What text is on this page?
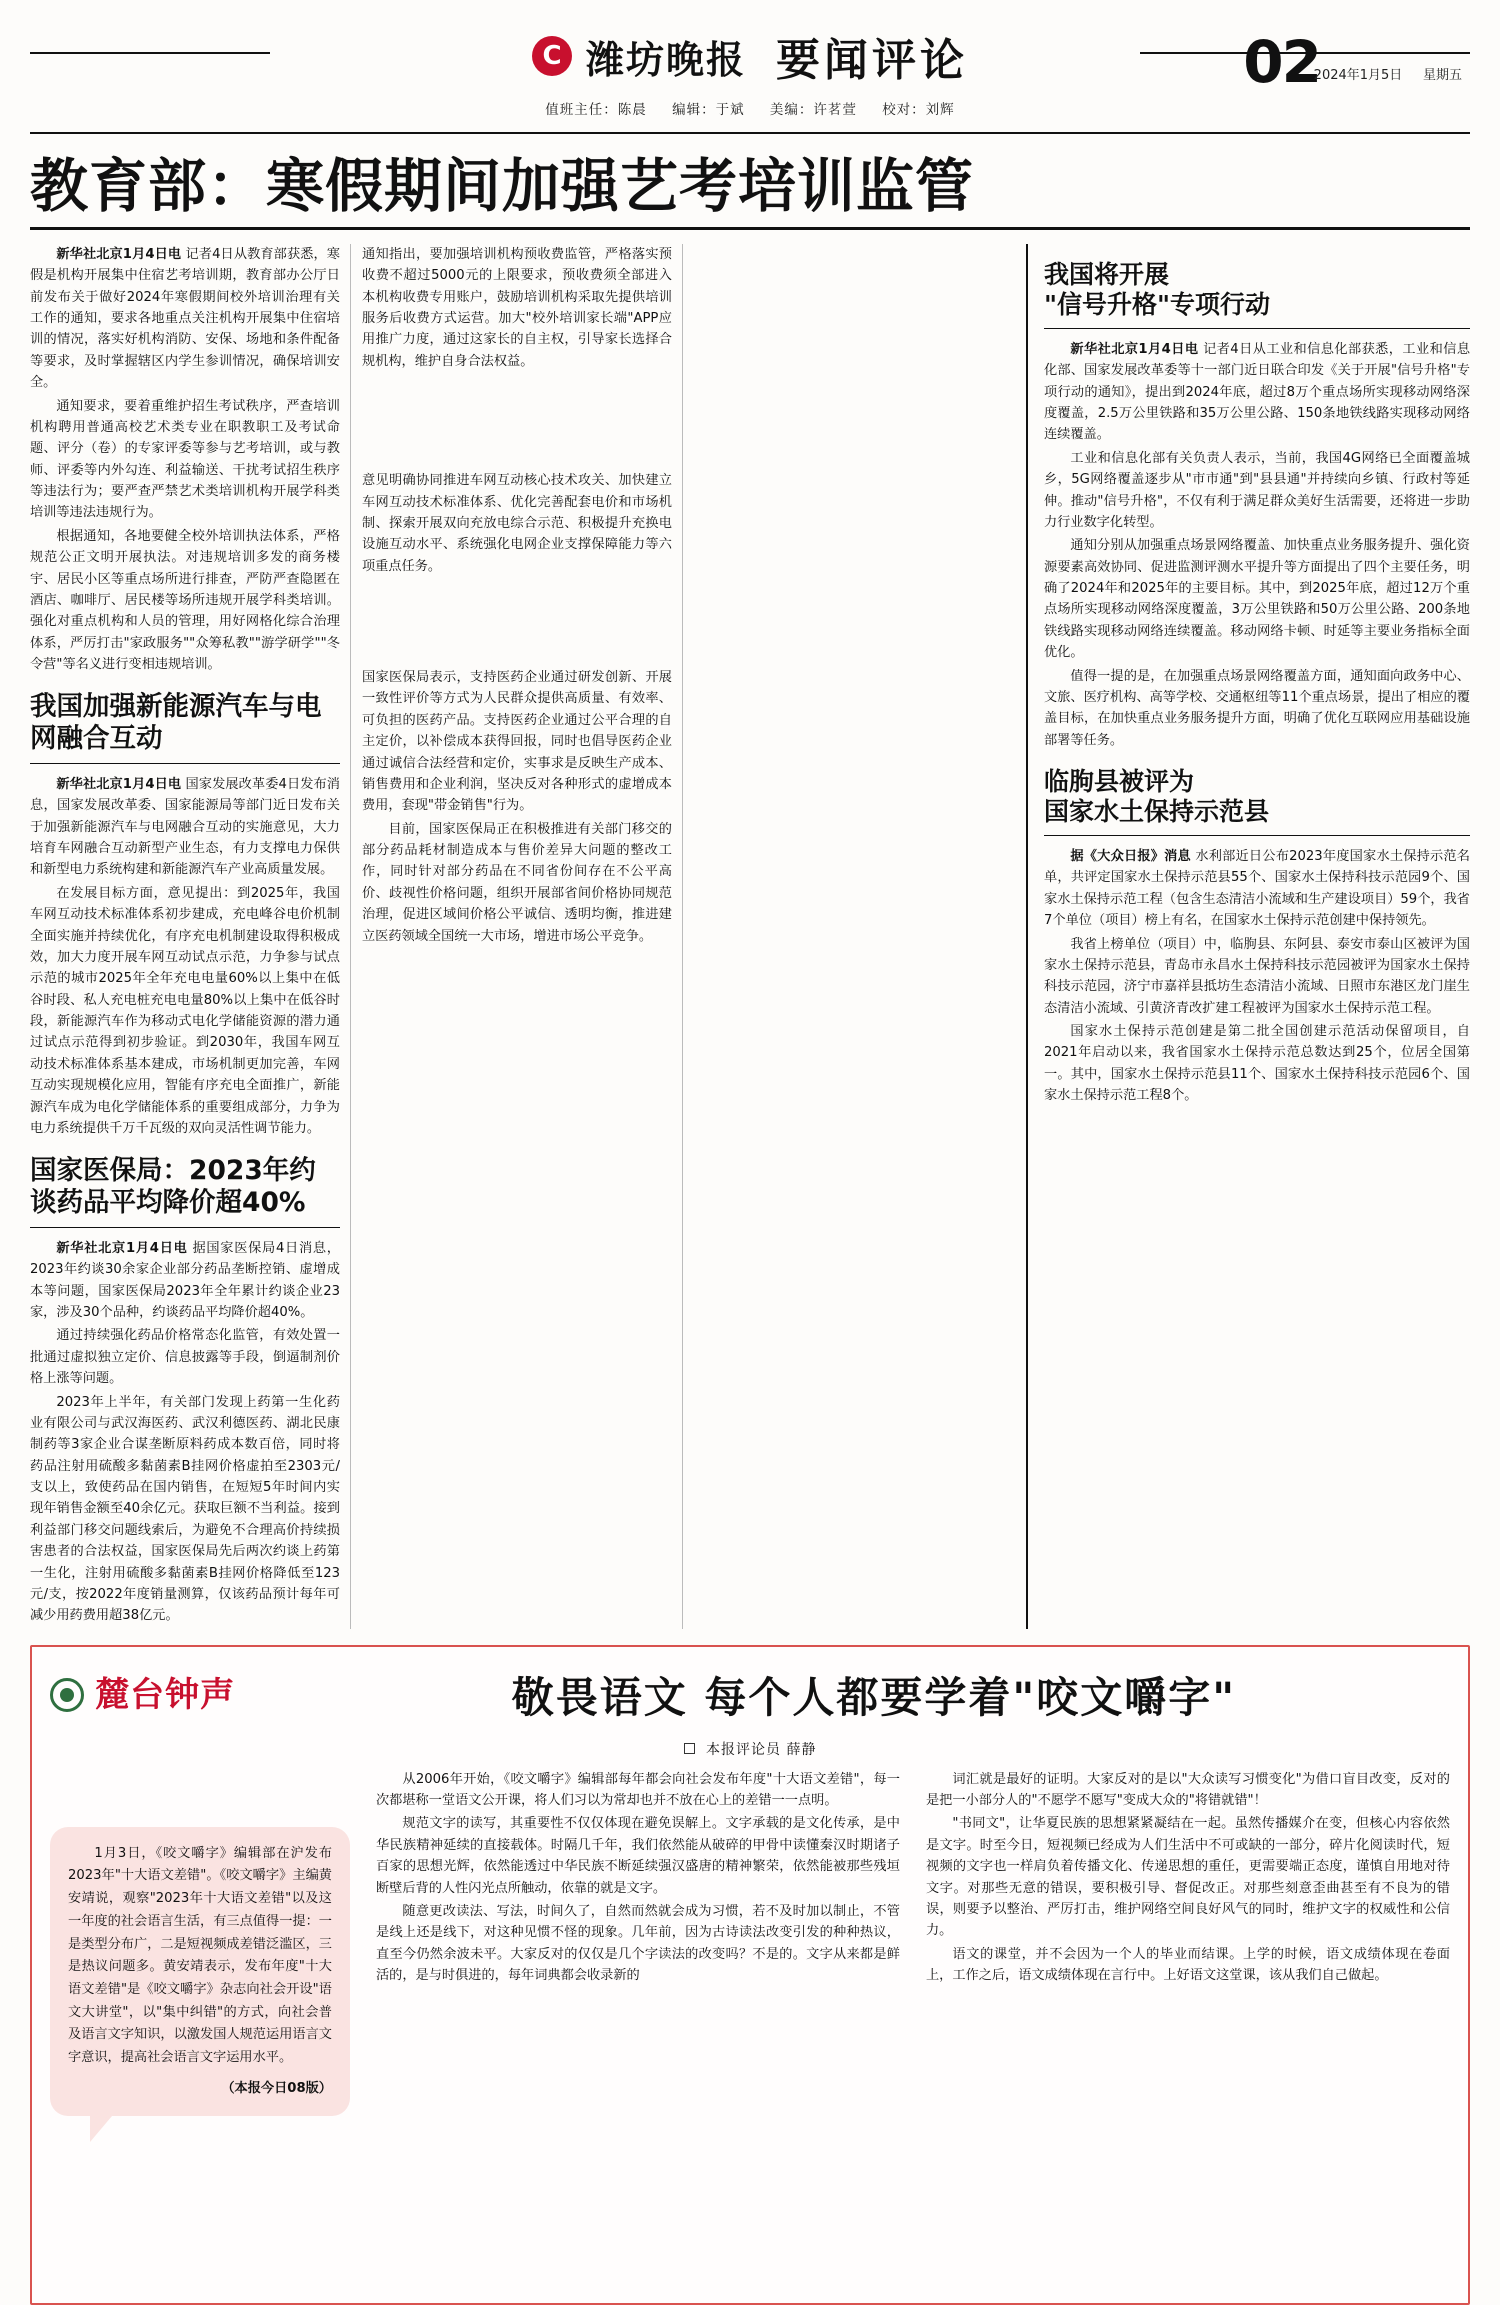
C 潍坊晚报 要闻评论
值班主任：陈晨 编辑：于斌 美编：许茗萱 校对：刘辉
02
2024年1月5日 星期五
教育部：寒假期间加强艺考培训监管

新华社北京1月4日电 记者4日从教育部获悉，寒假是机构开展集中住宿艺考培训期，教育部办公厅日前发布关于做好2024年寒假期间校外培训治理有关工作的通知，要求各地重点关注机构开展集中住宿培训的情况，落实好机构消防、安保、场地和条件配备等要求，及时掌握辖区内学生参训情况，确保培训安全。

通知要求，要着重维护招生考试秩序，严查培训机构聘用普通高校艺术类专业在职教职工及考试命题、评分（卷）的专家评委等参与艺考培训，或与教师、评委等内外勾连、利益输送、干扰考试招生秩序等违法行为；要严查严禁艺术类培训机构开展学科类培训等违法违规行为。

根据通知，各地要健全校外培训执法体系，严格规范公正文明开展执法。对违规培训多发的商务楼宇、居民小区等重点场所进行排查，严防严查隐匿在酒店、咖啡厅、居民楼等场所违规开展学科类培训。强化对重点机构和人员的管理，用好网格化综合治理体系，严厉打击"家政服务""众筹私教""游学研学""冬令营"等名义进行变相违规培训。

我国加强新能源汽车与电网融合互动

新华社北京1月4日电 国家发展改革委4日发布消息，国家发展改革委、国家能源局等部门近日发布关于加强新能源汽车与电网融合互动的实施意见，大力培育车网融合互动新型产业生态，有力支撑电力保供和新型电力系统构建和新能源汽车产业高质量发展。

在发展目标方面，意见提出：到2025年，我国车网互动技术标准体系初步建成，充电峰谷电价机制全面实施并持续优化，有序充电机制建设取得积极成效，加大力度开展车网互动试点示范，力争参与试点示范的城市2025年全年充电电量60%以上集中在低谷时段、私人充电桩充电电量80%以上集中在低谷时段，新能源汽车作为移动式电化学储能资源的潜力通过试点示范得到初步验证。到2030年，我国车网互动技术标准体系基本建成，市场机制更加完善，车网互动实现规模化应用，智能有序充电全面推广，新能源汽车成为电化学储能体系的重要组成部分，力争为电力系统提供千万千瓦级的双向灵活性调节能力。

国家医保局：2023年约谈药品平均降价超40%

新华社北京1月4日电 据国家医保局4日消息，2023年约谈30余家企业部分药品垄断控销、虚增成本等问题，国家医保局2023年全年累计约谈企业23家，涉及30个品种，约谈药品平均降价超40%。

通过持续强化药品价格常态化监管，有效处置一批通过虚拟独立定价、信息披露等手段，倒逼制剂价格上涨等问题。

2023年上半年，有关部门发现上药第一生化药业有限公司与武汉海医药、武汉利德医药、湖北民康制药等3家企业合谋垄断原料药成本数百倍，同时将药品注射用硫酸多黏菌素B挂网价格虚拍至2303元/支以上，致使药品在国内销售，在短短5年时间内实现年销售金额至40余亿元。获取巨额不当利益。接到利益部门移交问题线索后，为避免不合理高价持续损害患者的合法权益，国家医保局先后两次约谈上药第一生化，注射用硫酸多黏菌素B挂网价格降低至123元/支，按2022年度销量测算，仅该药品预计每年可减少用药费用超38亿元。

通知指出，要加强培训机构预收费监管，严格落实预收费不超过5000元的上限要求，预收费须全部进入本机构收费专用账户，鼓励培训机构采取先提供培训服务后收费方式运营。加大"校外培训家长端"APP应用推广力度，通过这家长的自主权，引导家长选择合规机构，维护自身合法权益。

意见明确协同推进车网互动核心技术攻关、加快建立车网互动技术标准体系、优化完善配套电价和市场机制、探索开展双向充放电综合示范、积极提升充换电设施互动水平、系统强化电网企业支撑保障能力等六项重点任务。

国家医保局表示，支持医药企业通过研发创新、开展一致性评价等方式为人民群众提供高质量、有效率、可负担的医药产品。支持医药企业通过公平合理的自主定价，以补偿成本获得回报，同时也倡导医药企业通过诚信合法经营和定价，实事求是反映生产成本、销售费用和企业利润，坚决反对各种形式的虚增成本费用，套现"带金销售"行为。

目前，国家医保局正在积极推进有关部门移交的部分药品耗材制造成本与售价差异大问题的整改工作，同时针对部分药品在不同省份间存在不公平高价、歧视性价格问题，组织开展部省间价格协同规范治理，促进区域间价格公平诚信、透明均衡，推进建立医药领域全国统一大市场，增进市场公平竞争。

我国将开展
"信号升格"专项行动

新华社北京1月4日电 记者4日从工业和信息化部获悉，工业和信息化部、国家发展改革委等十一部门近日联合印发《关于开展"信号升格"专项行动的通知》，提出到2024年底，超过8万个重点场所实现移动网络深度覆盖，2.5万公里铁路和35万公里公路、150条地铁线路实现移动网络连续覆盖。

工业和信息化部有关负责人表示，当前，我国4G网络已全面覆盖城乡，5G网络覆盖逐步从"市市通"到"县县通"并持续向乡镇、行政村等延伸。推动"信号升格"，不仅有利于满足群众美好生活需要，还将进一步助力行业数字化转型。

通知分别从加强重点场景网络覆盖、加快重点业务服务提升、强化资源要素高效协同、促进监测评测水平提升等方面提出了四个主要任务，明确了2024年和2025年的主要目标。其中，到2025年底，超过12万个重点场所实现移动网络深度覆盖，3万公里铁路和50万公里公路、200条地铁线路实现移动网络连续覆盖。移动网络卡顿、时延等主要业务指标全面优化。

值得一提的是，在加强重点场景网络覆盖方面，通知面向政务中心、文旅、医疗机构、高等学校、交通枢纽等11个重点场景，提出了相应的覆盖目标，在加快重点业务服务提升方面，明确了优化互联网应用基础设施部署等任务。

临朐县被评为
国家水土保持示范县

据《大众日报》消息 水利部近日公布2023年度国家水土保持示范名单，共评定国家水土保持示范县55个、国家水土保持科技示范园9个、国家水土保持示范工程（包含生态清洁小流域和生产建设项目）59个，我省7个单位（项目）榜上有名，在国家水土保持示范创建中保持领先。

我省上榜单位（项目）中，临朐县、东阿县、泰安市泰山区被评为国家水土保持示范县，青岛市永昌水土保持科技示范园被评为国家水土保持科技示范园，济宁市嘉祥县抵坊生态清洁小流域、日照市东港区龙门崖生态清洁小流域、引黄济青改扩建工程被评为国家水土保持示范工程。

国家水土保持示范创建是第二批全国创建示范活动保留项目，自2021年启动以来，我省国家水土保持示范总数达到25个，位居全国第一。其中，国家水土保持示范县11个、国家水土保持科技示范园6个、国家水土保持示范工程8个。

麓台钟声	敬畏语文 每个人都要学着"咬文嚼字"
本报评论员 薛静

1月3日，《咬文嚼字》编辑部在沪发布2023年"十大语文差错"。《咬文嚼字》主编黄安靖说，观察"2023年十大语文差错"以及这一年度的社会语言生活，有三点值得一提：一是类型分布广，二是短视频成差错泛滥区，三是热议问题多。黄安靖表示，发布年度"十大语文差错"是《咬文嚼字》杂志向社会开设"语文大讲堂"，以"集中纠错"的方式，向社会普及语言文字知识，以激发国人规范运用语言文字意识，提高社会语言文字运用水平。

（本报今日08版）

从2006年开始，《咬文嚼字》编辑部每年都会向社会发布年度"十大语文差错"，每一次都堪称一堂语文公开课，将人们习以为常却也并不放在心上的差错一一点明。

规范文字的读写，其重要性不仅仅体现在避免误解上。文字承载的是文化传承，是中华民族精神延续的直接载体。时隔几千年，我们依然能从破碎的甲骨中读懂秦汉时期诸子百家的思想光辉，依然能透过中华民族不断延续强汉盛唐的精神繁荣，依然能被那些残垣断壁后背的人性闪光点所触动，依靠的就是文字。

随意更改读法、写法，时间久了，自然而然就会成为习惯，若不及时加以制止，不管是线上还是线下，对这种见惯不怪的现象。几年前，因为古诗读法改变引发的种种热议，直至今仍然余波未平。大家反对的仅仅是几个字读法的改变吗？不是的。文字从来都是鲜活的，是与时俱进的，每年词典都会收录新的

词汇就是最好的证明。大家反对的是以"大众读写习惯变化"为借口盲目改变，反对的是把一小部分人的"不愿学不愿写"变成大众的"将错就错"！

"书同文"，让华夏民族的思想紧紧凝结在一起。虽然传播媒介在变，但核心内容依然是文字。时至今日，短视频已经成为人们生活中不可或缺的一部分，碎片化阅读时代，短视频的文字也一样肩负着传播文化、传递思想的重任，更需要端正态度，谨慎自用地对待文字。对那些无意的错误，要积极引导、督促改正。对那些刻意歪曲甚至有不良为的错误，则要予以整治、严厉打击，维护网络空间良好风气的同时，维护文字的权威性和公信力。

语文的课堂，并不会因为一个人的毕业而结课。上学的时候，语文成绩体现在卷面上，工作之后，语文成绩体现在言行中。上好语文这堂课，该从我们自己做起。
